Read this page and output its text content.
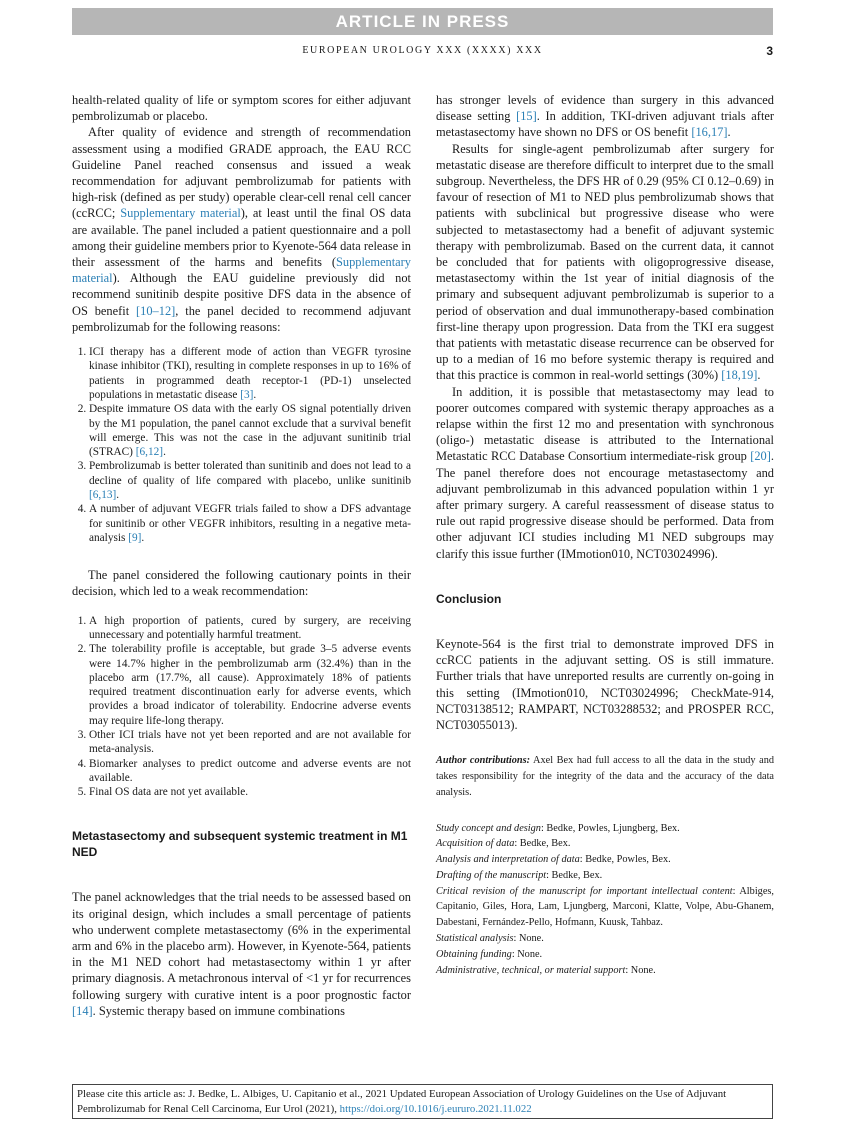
ARTICLE IN PRESS
EUROPEAN UROLOGY XXX (XXXX) XXX	3

health-related quality of life or symptom scores for either adjuvant pembrolizumab or placebo.

After quality of evidence and strength of recommendation assessment using a modified GRADE approach, the EAU RCC Guideline Panel reached consensus and issued a weak recommendation for adjuvant pembrolizumab for patients with high-risk (defined as per study) operable clear-cell renal cell cancer (ccRCC; Supplementary material), at least until the final OS data are available. The panel included a patient questionnaire and a poll among their guideline members prior to Kyenote-564 data release in their assessment of the harms and benefits (Supplementary material). Although the EAU guideline previously did not recommend sunitinib despite positive DFS data in the absence of OS benefit [10–12], the panel decided to recommend adjuvant pembrolizumab for the following reasons:

1. ICI therapy has a different mode of action than VEGFR tyrosine kinase inhibitor (TKI), resulting in complete responses in up to 16% of patients in programmed death receptor-1 (PD-1) unselected populations in metastatic disease [3].
2. Despite immature OS data with the early OS signal potentially driven by the M1 population, the panel cannot exclude that a survival benefit will emerge. This was not the case in the adjuvant sunitinib trial (STRAC) [6,12].
3. Pembrolizumab is better tolerated than sunitinib and does not lead to a decline of quality of life compared with placebo, unlike sunitinib [6,13].
4. A number of adjuvant VEGFR trials failed to show a DFS advantage for sunitinib or other VEGFR inhibitors, resulting in a negative meta-analysis [9].

The panel considered the following cautionary points in their decision, which led to a weak recommendation:

1. A high proportion of patients, cured by surgery, are receiving unnecessary and potentially harmful treatment.
2. The tolerability profile is acceptable, but grade 3–5 adverse events were 14.7% higher in the pembrolizumab arm (32.4%) than in the placebo arm (17.7%, all cause). Approximately 18% of patients required treatment discontinuation early for adverse events, which provides a broad indicator of tolerability. Endocrine adverse events may require life-long therapy.
3. Other ICI trials have not yet been reported and are not available for meta-analysis.
4. Biomarker analyses to predict outcome and adverse events are not available.
5. Final OS data are not yet available.
Metastasectomy and subsequent systemic treatment in M1 NED

The panel acknowledges that the trial needs to be assessed based on its original design, which includes a small percentage of patients who underwent complete metastasectomy (6% in the experimental arm and 6% in the placebo arm). However, in Kyenote-564, patients in the M1 NED cohort had metastasectomy within 1 yr after primary diagnosis. A metachronous interval of <1 yr for recurrences following surgery with curative intent is a poor prognostic factor [14]. Systemic therapy based on immune combinations

has stronger levels of evidence than surgery in this advanced disease setting [15]. In addition, TKI-driven adjuvant trials after metastasectomy have shown no DFS or OS benefit [16,17].

Results for single-agent pembrolizumab after surgery for metastatic disease are therefore difficult to interpret due to the small subgroup. Nevertheless, the DFS HR of 0.29 (95% CI 0.12–0.69) in favour of resection of M1 to NED plus pembrolizumab shows that patients with subclinical but progressive disease who were subjected to metastasectomy had a benefit of adjuvant systemic therapy with pembrolizumab. Based on the current data, it cannot be concluded that for patients with oligoprogressive disease, metastasectomy within the 1st year of initial diagnosis of the primary and subsequent adjuvant pembrolizumab is superior to a period of observation and dual immunotherapy-based combination first-line therapy upon progression. Data from the TKI era suggest that patients with metastatic disease recurrence can be observed for up to a median of 16 mo before systemic therapy is required and that this practice is common in real-world settings (30%) [18,19].

In addition, it is possible that metastasectomy may lead to poorer outcomes compared with systemic therapy approaches as a relapse within the first 12 mo and presentation with synchronous (oligo-) metastatic disease is attributed to the International Metastatic RCC Database Consortium intermediate-risk group [20]. The panel therefore does not encourage metastasectomy and adjuvant pembrolizumab in this advanced population within 1 yr after primary surgery. A careful reassessment of disease status to rule out rapid progressive disease should be performed. Data from other adjuvant ICI studies including M1 NED subgroups may clarify this issue further (IMmotion010, NCT03024996).

Conclusion

Keynote-564 is the first trial to demonstrate improved DFS in ccRCC patients in the adjuvant setting. OS is still immature. Further trials that have unreported results are currently on-going in this setting (IMmotion010, NCT03024996; CheckMate-914, NCT03138512; RAMPART, NCT03288532; and PROSPER RCC, NCT03055013).

Author contributions: Axel Bex had full access to all the data in the study and takes responsibility for the integrity of the data and the accuracy of the data analysis.

Study concept and design: Bedke, Powles, Ljungberg, Bex.

Acquisition of data: Bedke, Bex.

Analysis and interpretation of data: Bedke, Powles, Bex.

Drafting of the manuscript: Bedke, Bex.

Critical revision of the manuscript for important intellectual content: Albiges, Capitanio, Giles, Hora, Lam, Ljungberg, Marconi, Klatte, Volpe, Abu-Ghanem, Dabestani, Fernández-Pello, Hofmann, Kuusk, Tahbaz.

Statistical analysis: None.

Obtaining funding: None.

Administrative, technical, or material support: None.

Please cite this article as: J. Bedke, L. Albiges, U. Capitanio et al., 2021 Updated European Association of Urology Guidelines on the Use of Adjuvant Pembrolizumab for Renal Cell Carcinoma, Eur Urol (2021), https://doi.org/10.1016/j.eururo.2021.11.022
